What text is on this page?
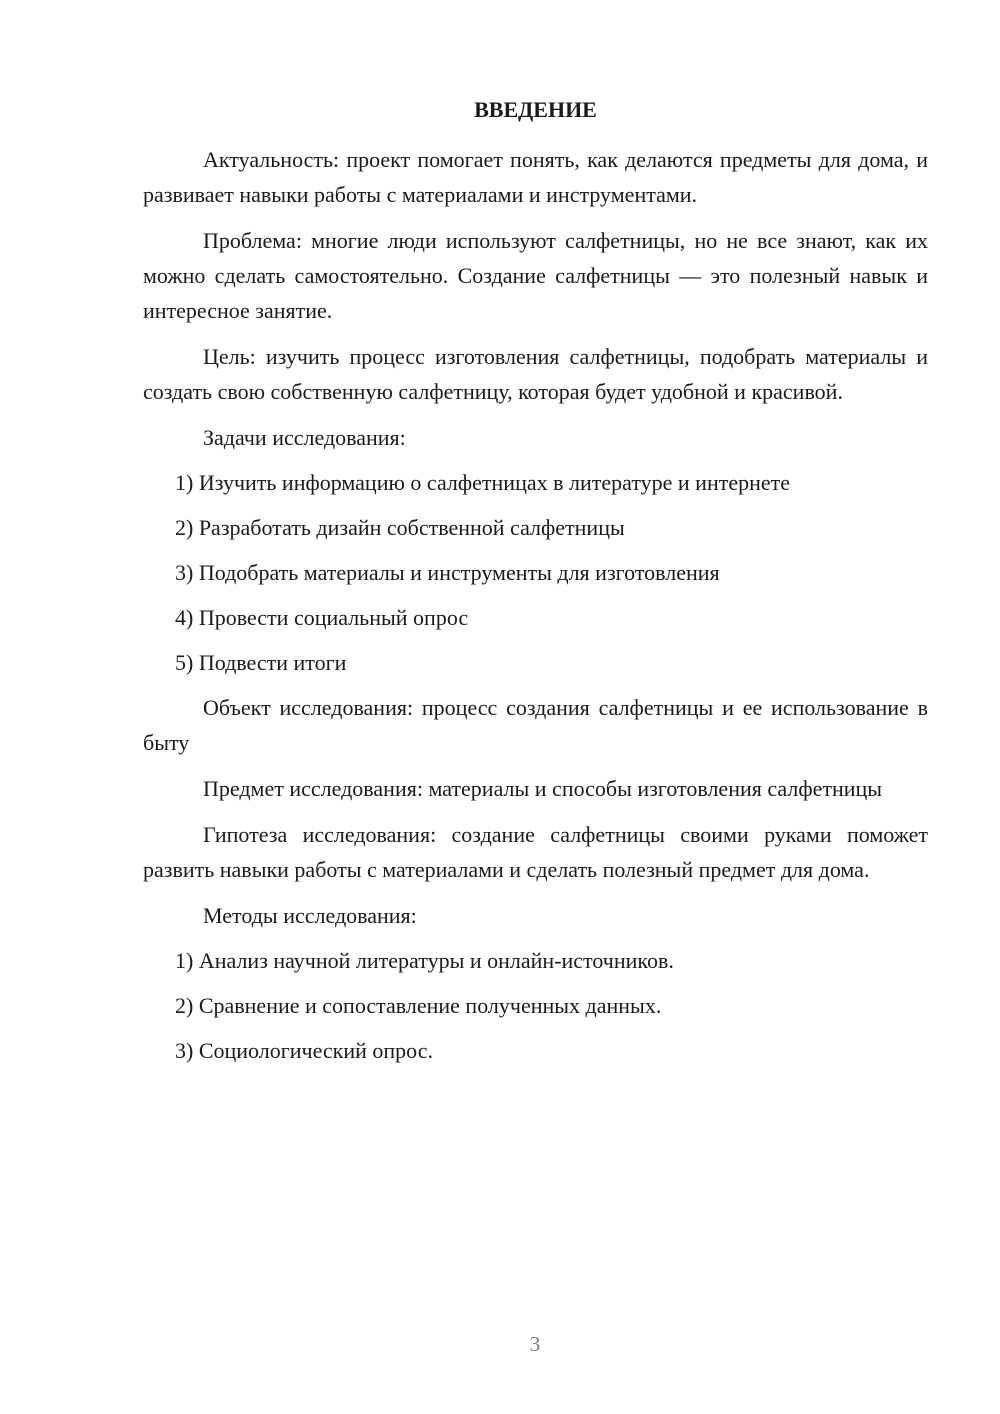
ВВЕДЕНИЕ

Актуальность: проект помогает понять, как делаются предметы для дома, и развивает навыки работы с материалами и инструментами.

Проблема: многие люди используют салфетницы, но не все знают, как их можно сделать самостоятельно. Создание салфетницы — это полезный навык и интересное занятие.

Цель: изучить процесс изготовления салфетницы, подобрать материалы и создать свою собственную салфетницу, которая будет удобной и красивой.

Задачи исследования:

1) Изучить информацию о салфетницах в литературе и интернете
2) Разработать дизайн собственной салфетницы
3) Подобрать материалы и инструменты для изготовления
4) Провести социальный опрос
5) Подвести итоги

Объект исследования: процесс создания салфетницы и ее использование в быту

Предмет исследования: материалы и способы изготовления салфетницы

Гипотеза исследования: создание салфетницы своими руками поможет развить навыки работы с материалами и сделать полезный предмет для дома.

Методы исследования:

1) Анализ научной литературы и онлайн-источников.
2) Сравнение и сопоставление полученных данных.
3) Социологический опрос.
3
